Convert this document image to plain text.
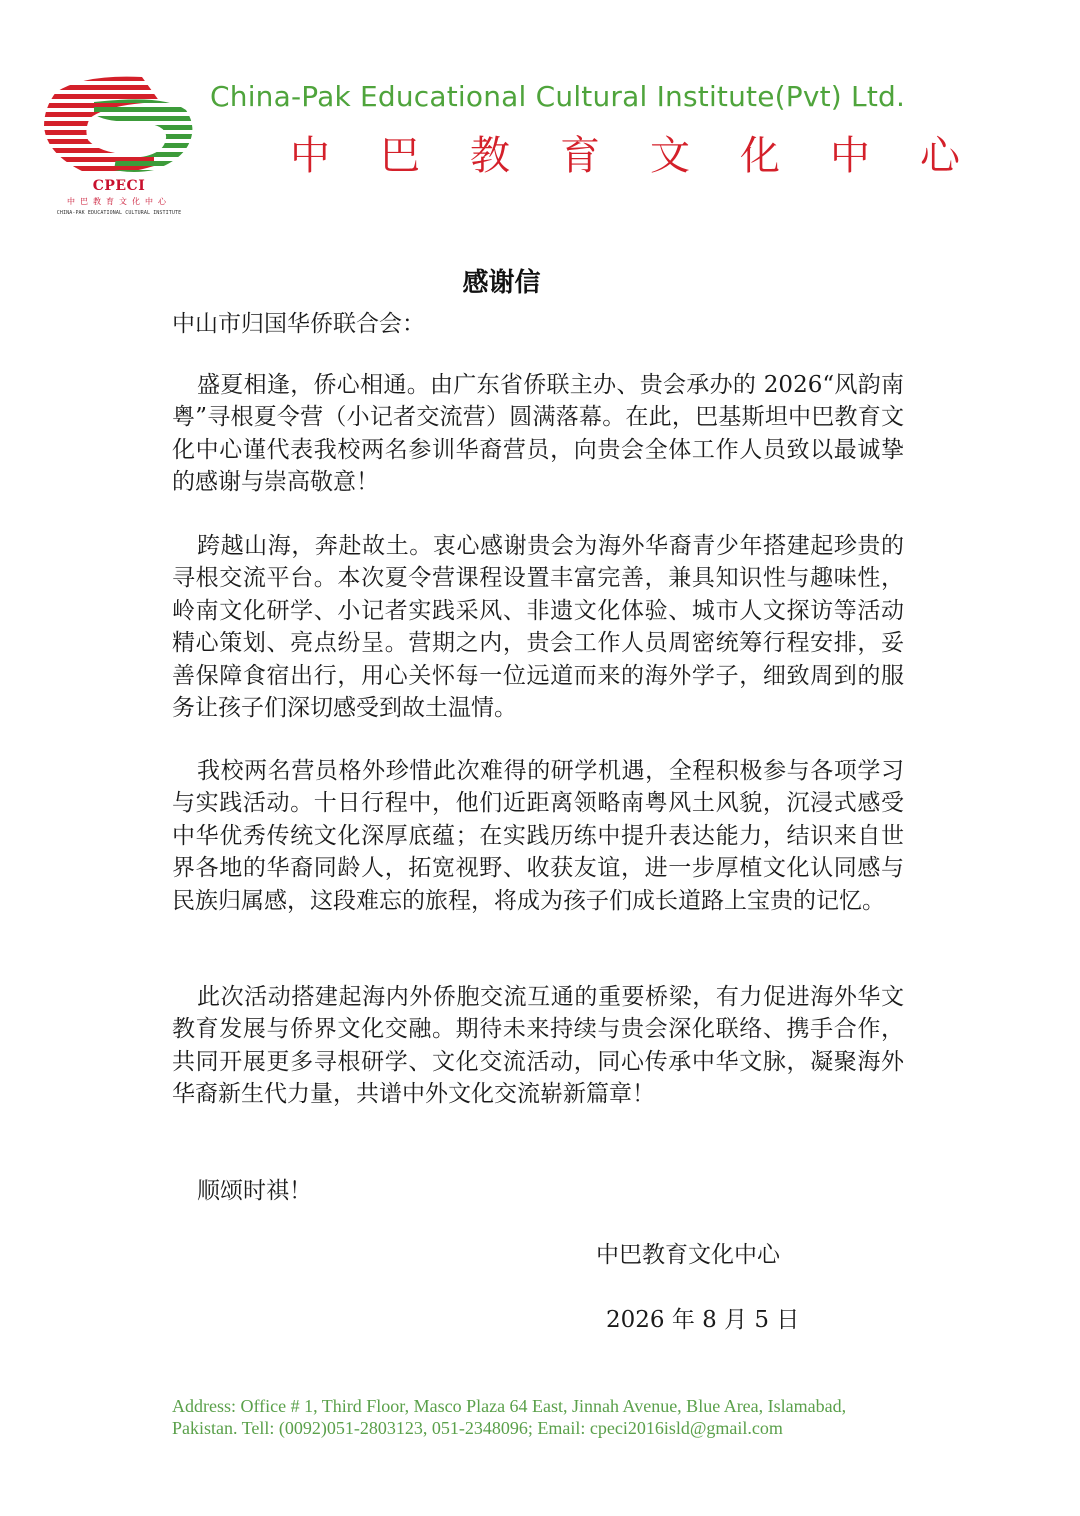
CPECI
中巴教育文化中心
CHINA-PAK EDUCATIONAL CULTURAL INSTITUTE
China-Pak Educational Cultural Institute(Pvt) Ltd.
中 巴 教 育 文 化 中 心
感谢信
中山市归国华侨联合会：
盛夏相逢，侨心相通。由广东省侨联主办、贵会承办的 2026“风韵南粤”寻根夏令营（小记者交流营）圆满落幕。在此，巴基斯坦中巴教育文化中心谨代表我校两名参训华裔营员，向贵会全体工作人员致以最诚挚的感谢与崇高敬意！
跨越山海，奔赴故土。衷心感谢贵会为海外华裔青少年搭建起珍贵的寻根交流平台。本次夏令营课程设置丰富完善，兼具知识性与趣味性，岭南文化研学、小记者实践采风、非遗文化体验、城市人文探访等活动精心策划、亮点纷呈。营期之内，贵会工作人员周密统筹行程安排，妥善保障食宿出行，用心关怀每一位远道而来的海外学子，细致周到的服务让孩子们深切感受到故土温情。
我校两名营员格外珍惜此次难得的研学机遇，全程积极参与各项学习与实践活动。十日行程中，他们近距离领略南粤风土风貌，沉浸式感受中华优秀传统文化深厚底蕴；在实践历练中提升表达能力，结识来自世界各地的华裔同龄人，拓宽视野、收获友谊，进一步厚植文化认同感与民族归属感，这段难忘的旅程，将成为孩子们成长道路上宝贵的记忆。
此次活动搭建起海内外侨胞交流互通的重要桥梁，有力促进海外华文教育发展与侨界文化交融。期待未来持续与贵会深化联络、携手合作，共同开展更多寻根研学、文化交流活动，同心传承中华文脉，凝聚海外华裔新生代力量，共谱中外文化交流崭新篇章！
顺颂时祺！
中巴教育文化中心
2026 年 8 月 5 日
Address: Office # 1, Third Floor, Masco Plaza 64 East, Jinnah Avenue, Blue Area, Islamabad,
Pakistan. Tell: (0092)051-2803123, 051-2348096; Email: cpeci2016isld@gmail.com
